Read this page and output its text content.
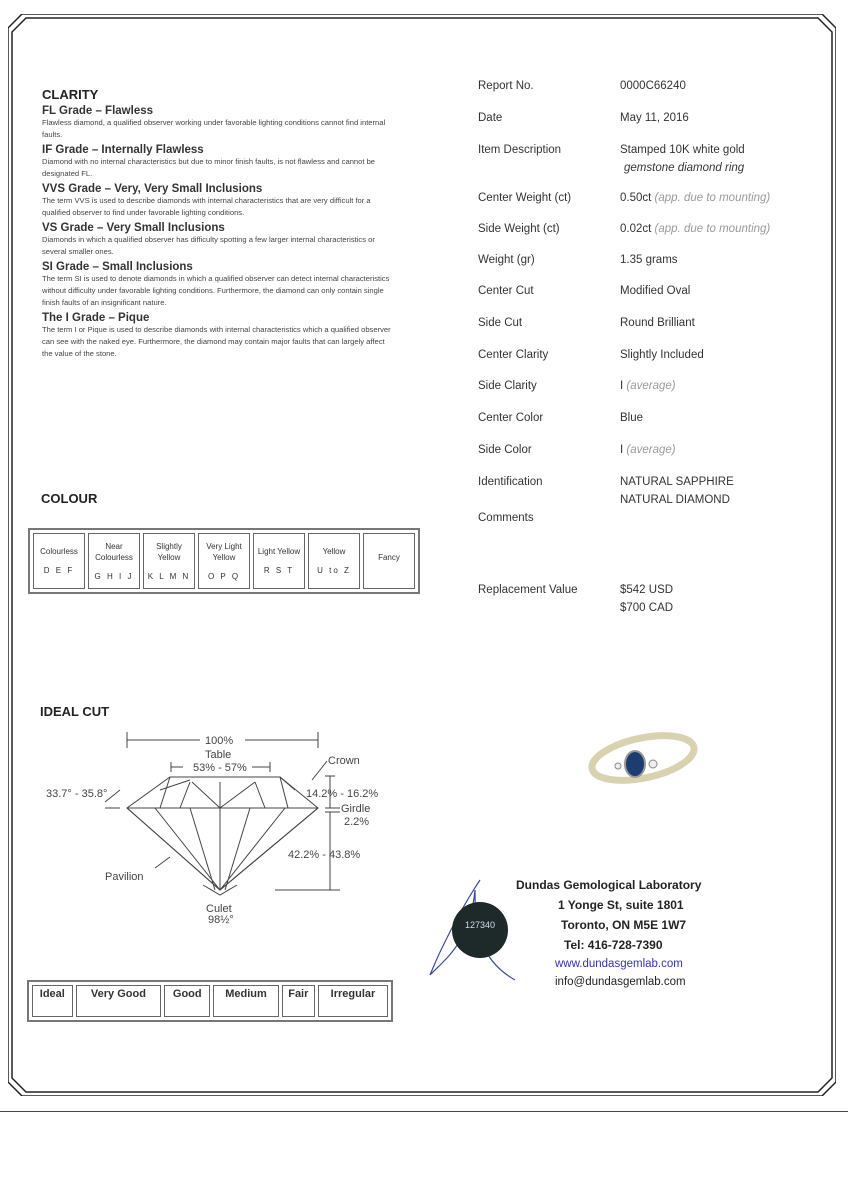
CLARITY
FL Grade – Flawless
Flawless diamond, a qualified observer working under favorable lighting conditions cannot find internal faults.
IF Grade – Internally Flawless
Diamond with no internal characteristics but due to minor finish faults, is not flawless and cannot be designated FL.
VVS Grade – Very, Very Small Inclusions
The term VVS is used to describe diamonds with internal characteristics that are very difficult for a qualified observer to find under favorable lighting conditions.
VS Grade – Very Small Inclusions
Diamonds in which a qualified observer has difficulty spotting a few larger internal characteristics or several smaller ones.
SI Grade – Small Inclusions
The term SI is used to denote diamonds in which a qualified observer can detect internal characteristics without difficulty under favorable lighting conditions. Furthermore, the diamond can only contain single finish faults of an insignificant nature.
The I Grade – Pique
The term I or Pique is used to describe diamonds with internal characteristics which a qualified observer can see with the naked eye. Furthermore, the diamond may contain major faults that can largely affect the value of the stone.
COLOUR
Colourless
D E F
	Near Colourless
G H I J
	Slightly Yellow
K L M N
	Very Light Yellow
O P Q
	Light Yellow
R S T
	Yellow
U to Z
	Fancy
IDEAL CUT
100%
Table
53% - 57%
Crown
33.7° - 35.8°	14.2% - 16.2%
Girdle
2.2%
42.2% - 43.8%
Pavilion
Culet
98½°
Ideal	Very Good	Good	Medium	Fair	Irregular
Report No.	0000C66240
Date	May 11, 2016
Item Description	Stamped 10K white gold
gemstone diamond ring
Center Weight (ct)	0.50ct (app. due to mounting)
Side Weight (ct)	0.02ct (app. due to mounting)
Weight (gr)	1.35 grams
Center Cut	Modified Oval
Side Cut	Round Brilliant
Center Clarity	Slightly Included
Side Clarity	I (average)
Center Color	Blue
Side Color	I (average)
Identification	NATURAL SAPPHIRE
NATURAL DIAMOND
Comments
Replacement Value	$542 USD
$700 CAD
127340
Dundas Gemological Laboratory
1 Yonge St, suite 1801
Toronto, ON M5E 1W7
Tel: 416-728-7390
www.dundasgemlab.com
info@dundasgemlab.com
